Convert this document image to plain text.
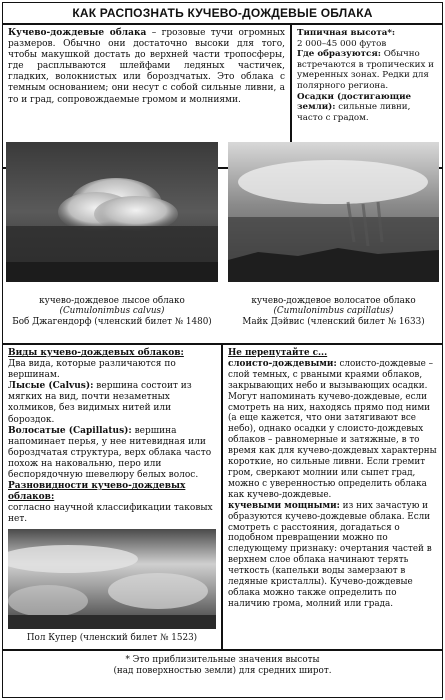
КАК РАСПОЗНАТЬ КУЧЕВО-ДОЖДЕВЫЕ ОБЛАКА
Кучево-дождевые облака – грозовые тучи огромных размеров. Обычно они достаточно высоки для того, чтобы макушкой достать до верхней части тропосферы, где расплываются шлейфами ледяных частичек, гладких, волокнистых или бороздчатых. Это облака с темным основанием; они несут с собой сильные ливни, а то и град, сопровождаемые громом и молниями.
Типичная высота*:
2 000–45 000 футов
Где образуются: Обычно встречаются в тропических и умеренных зонах. Редки для полярного региона.
Осадки (достигающие земли): сильные ливни, часто с градом.
кучево-дождевое лысое облако
(Cumulonimbus calvus)
Боб Джагендорф (членский билет № 1480)
кучево-дождевое волосатое облако
(Cumulonimbus capillatus)
Майк Дэйвис (членский билет № 1633)
Виды кучево-дождевых облаков:
Два вида, которые различаются по вершинам.
Лысые (Calvus): вершина состоит из мягких на вид, почти незаметных холмиков, без видимых нитей или бороздок.
Волосатые (Capillatus): вершина напоминает перья, у нее нитевидная или бороздчатая структура, верх облака часто похож на наковальню, перо или беспорядочную шевелюру белых волос.
Разновидности кучево-дождевых облаков:
согласно научной классификации таковых нет.
Пол Купер (членский билет № 1523)
Не перепутайте с...
слоисто-дождевыми: слоисто-дождевые – слой темных, с рваными краями облаков, закрывающих небо и вызывающих осадки. Могут напоминать кучево-дождевые, если смотреть на них, находясь прямо под ними (а еще кажется, что они затягивают все небо), однако осадки у слоисто-дождевых облаков – равномерные и затяжные, в то время как для кучево-дождевых характерны короткие, но сильные ливни. Если гремит гром, сверкают молнии или сыпет град, можно с уверенностью определить облака как кучево-дождевые.
кучевыми мощными: из них зачастую и образуются кучево-дождевые облака. Если смотреть с расстояния, догадаться о подобном превращении можно по следующему признаку: очертания частей в верхнем слое облака начинают терять четкость (капельки воды замерзают в ледяные кристаллы). Кучево-дождевые облака можно также определить по наличию грома, молний или града.
* Это приблизительные значения высоты
(над поверхностью земли) для средних широт.
